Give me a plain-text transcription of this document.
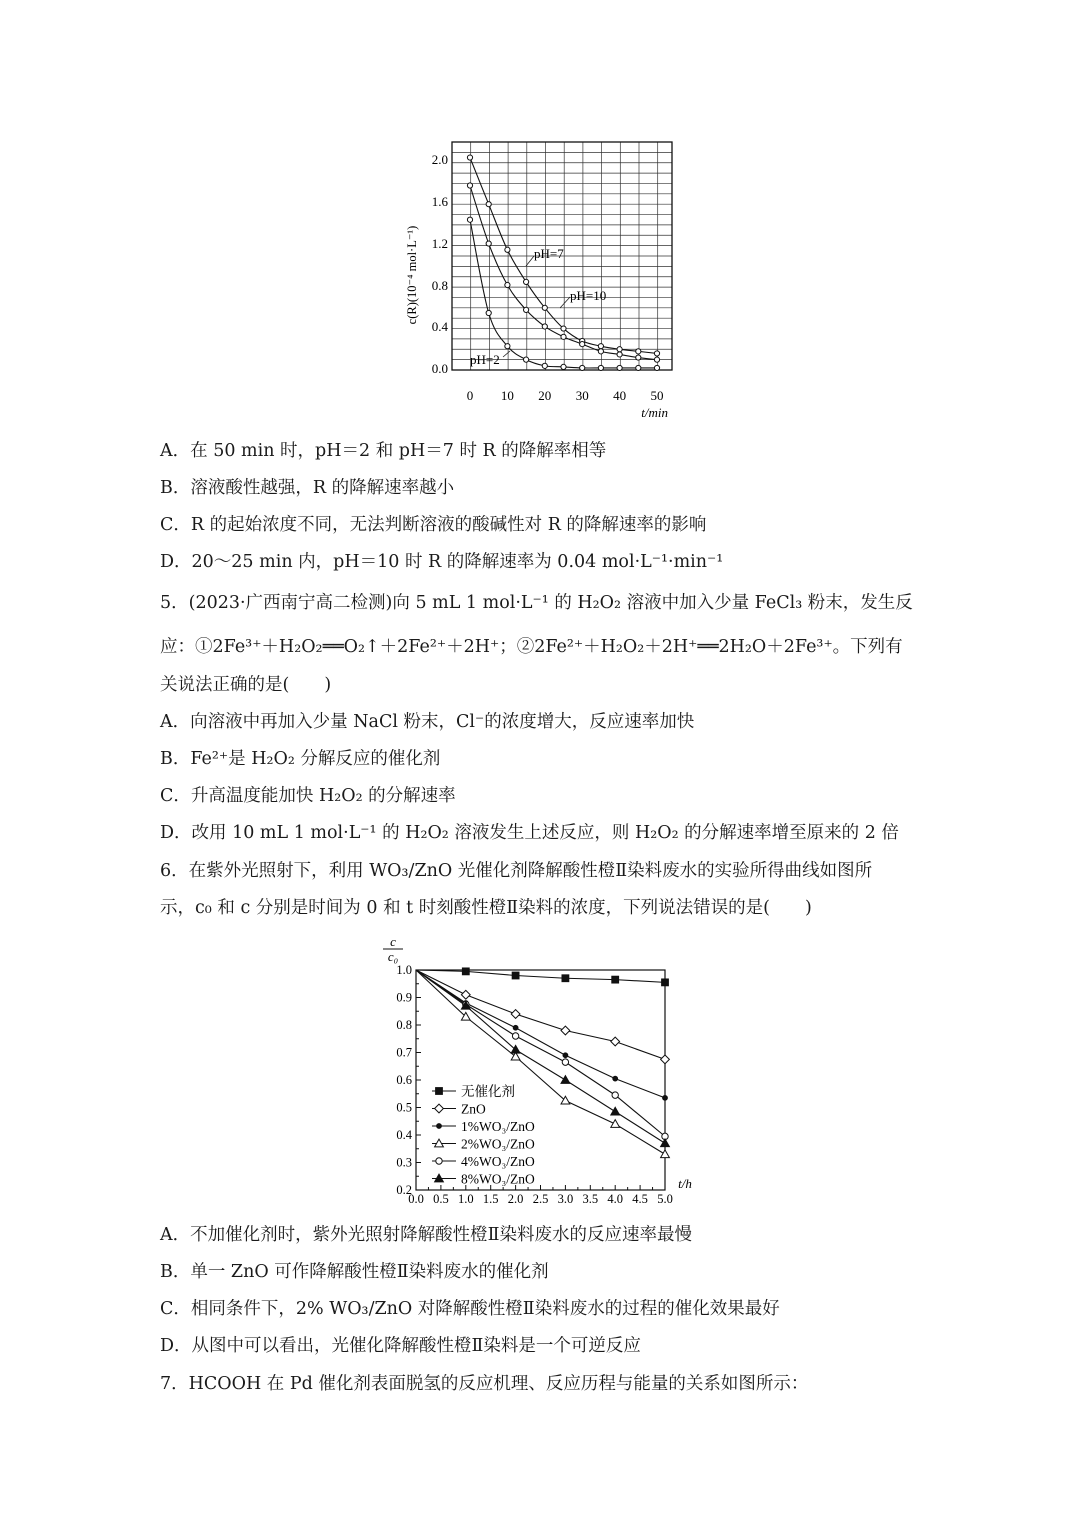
0.0
0.4
0.8
1.2
1.6
2.0
0 10 20 30 40 50
t/min
c(R)(10⁻⁴ mol·L⁻¹)
pH=2
pH=7
pH=10
A．在 50 min 时，pH＝2 和 pH＝7 时 R 的降解率相等
B．溶液酸性越强，R 的降解速率越小
C．R 的起始浓度不同，无法判断溶液的酸碱性对 R 的降解速率的影响
D．20～25 min 内，pH＝10 时 R 的降解速率为 0.04 mol·L⁻¹·min⁻¹
5．(2023·广西南宁高二检测)向 5 mL 1 mol·L⁻¹ 的 H₂O₂ 溶液中加入少量 FeCl₃ 粉末，发生反
应：①2Fe³⁺＋H₂O₂══O₂↑＋2Fe²⁺＋2H⁺；②2Fe²⁺＋H₂O₂＋2H⁺══2H₂O＋2Fe³⁺。下列有
关说法正确的是(　　)
A．向溶液中再加入少量 NaCl 粉末，Cl⁻的浓度增大，反应速率加快
B．Fe²⁺是 H₂O₂ 分解反应的催化剂
C．升高温度能加快 H₂O₂ 的分解速率
D．改用 10 mL 1 mol·L⁻¹ 的 H₂O₂ 溶液发生上述反应，则 H₂O₂ 的分解速率增至原来的 2 倍
6．在紫外光照射下，利用 WO₃/ZnO 光催化剂降解酸性橙Ⅱ染料废水的实验所得曲线如图所
示，c₀ 和 c 分别是时间为 0 和 t 时刻酸性橙Ⅱ染料的浓度，下列说法错误的是(　　)
无催化剂
ZnO
1%WO₃/ZnO
2%WO₃/ZnO
4%WO₃/ZnO
8%WO₃/ZnO
0.0 0.5 1.0 1.5 2.0 2.5 3.0 3.5 4.0 4.5 5.0
0.2
0.3
0.4
0.5
0.6
0.7
0.8
0.9
1.0
c
c₀
t/h
A．不加催化剂时，紫外光照射降解酸性橙Ⅱ染料废水的反应速率最慢
B．单一 ZnO 可作降解酸性橙Ⅱ染料废水的催化剂
C．相同条件下，2% WO₃/ZnO 对降解酸性橙Ⅱ染料废水的过程的催化效果最好
D．从图中可以看出，光催化降解酸性橙Ⅱ染料是一个可逆反应
7．HCOOH 在 Pd 催化剂表面脱氢的反应机理、反应历程与能量的关系如图所示：
